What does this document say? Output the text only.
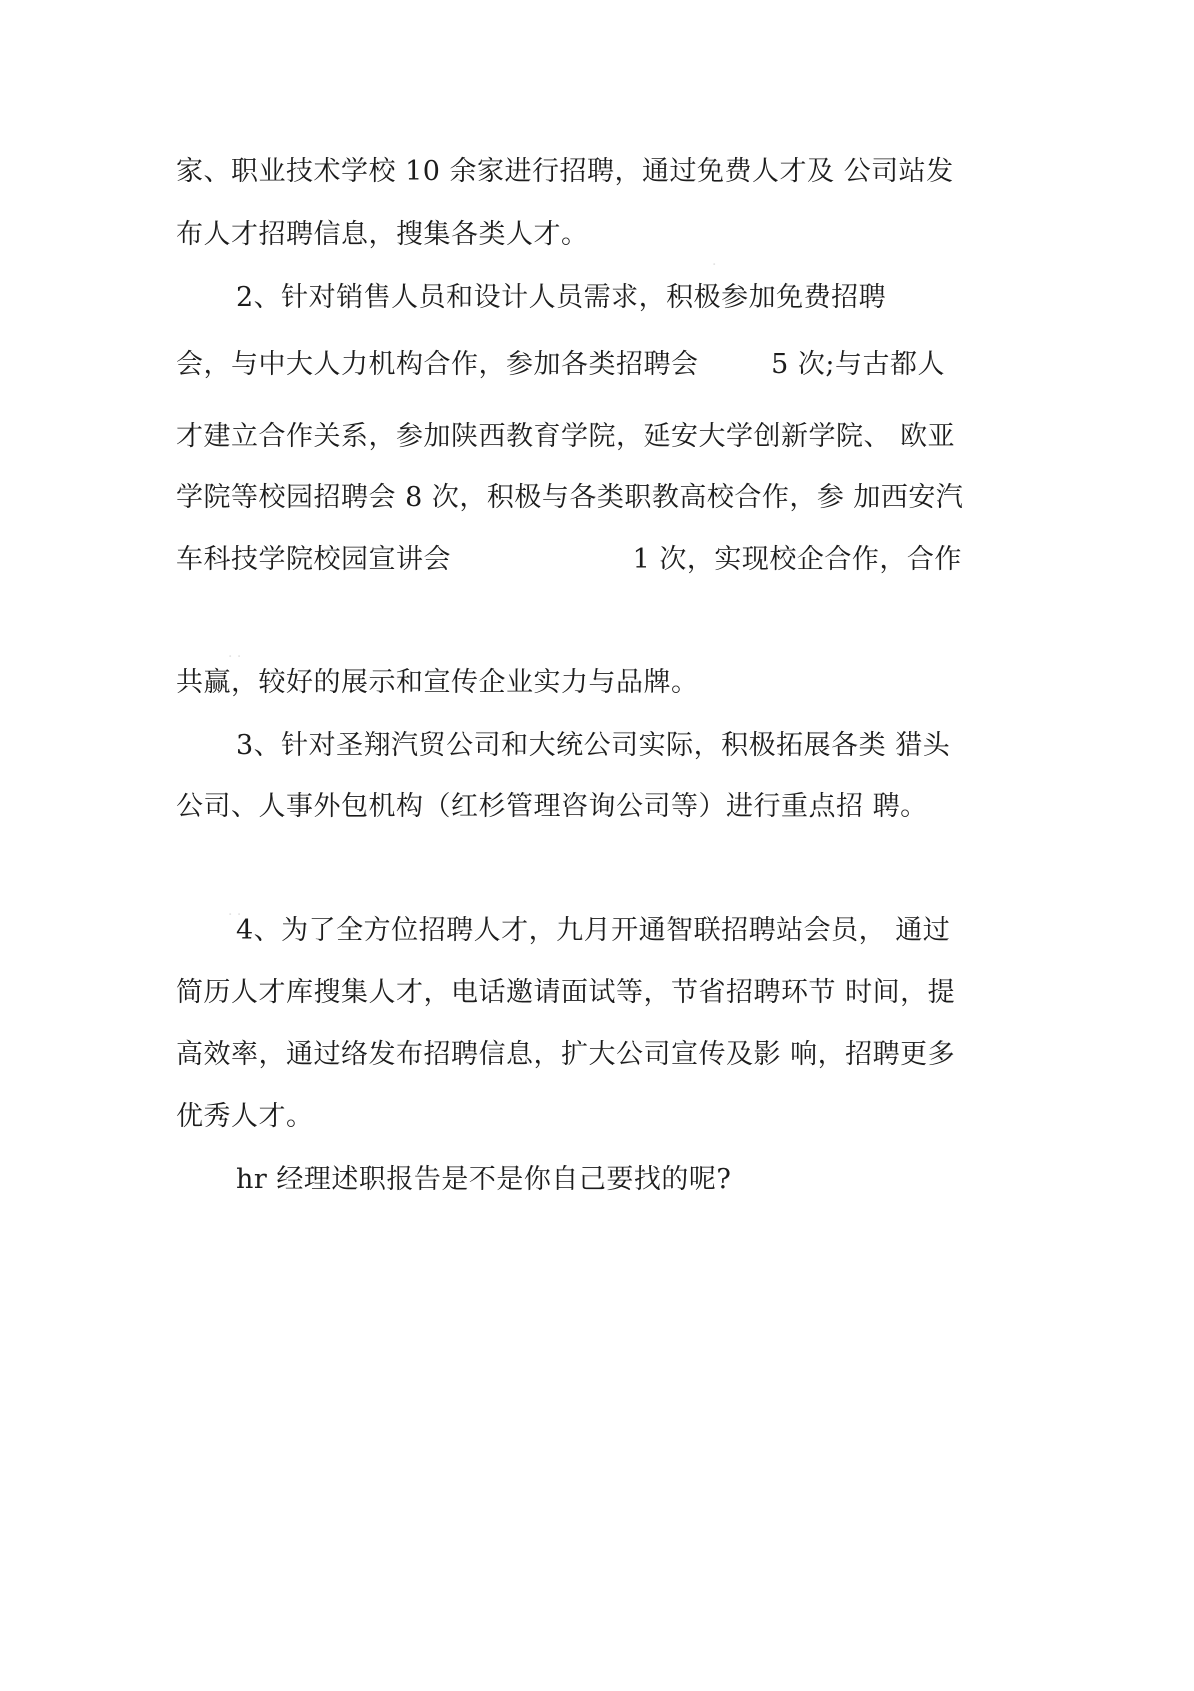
家、职业技术学校 10 余家进行招聘，通过免费人才及 公司站发
布人才招聘信息，搜集各类人才。
2、针对销售人员和设计人员需求，积极参加免费招聘
会，与中大人力机构合作，参加各类招聘会        5 次;与古都人
才建立合作关系，参加陕西教育学院，延安大学创新学院、 欧亚
学院等校园招聘会 8 次，积极与各类职教高校合作，参 加西安汽
车科技学院校园宣讲会                    1 次，实现校企合作，合作
共赢，较好的展示和宣传企业实力与品牌。
3、针对圣翔汽贸公司和大统公司实际，积极拓展各类 猎头
公司、人事外包机构（红杉管理咨询公司等）进行重点招 聘。
4、为了全方位招聘人才，九月开通智联招聘站会员， 通过
简历人才库搜集人才，电话邀请面试等，节省招聘环节 时间，提
高效率，通过络发布招聘信息，扩大公司宣传及影 响，招聘更多
优秀人才。
hr 经理述职报告是不是你自己要找的呢?
·
· ·
· ·
